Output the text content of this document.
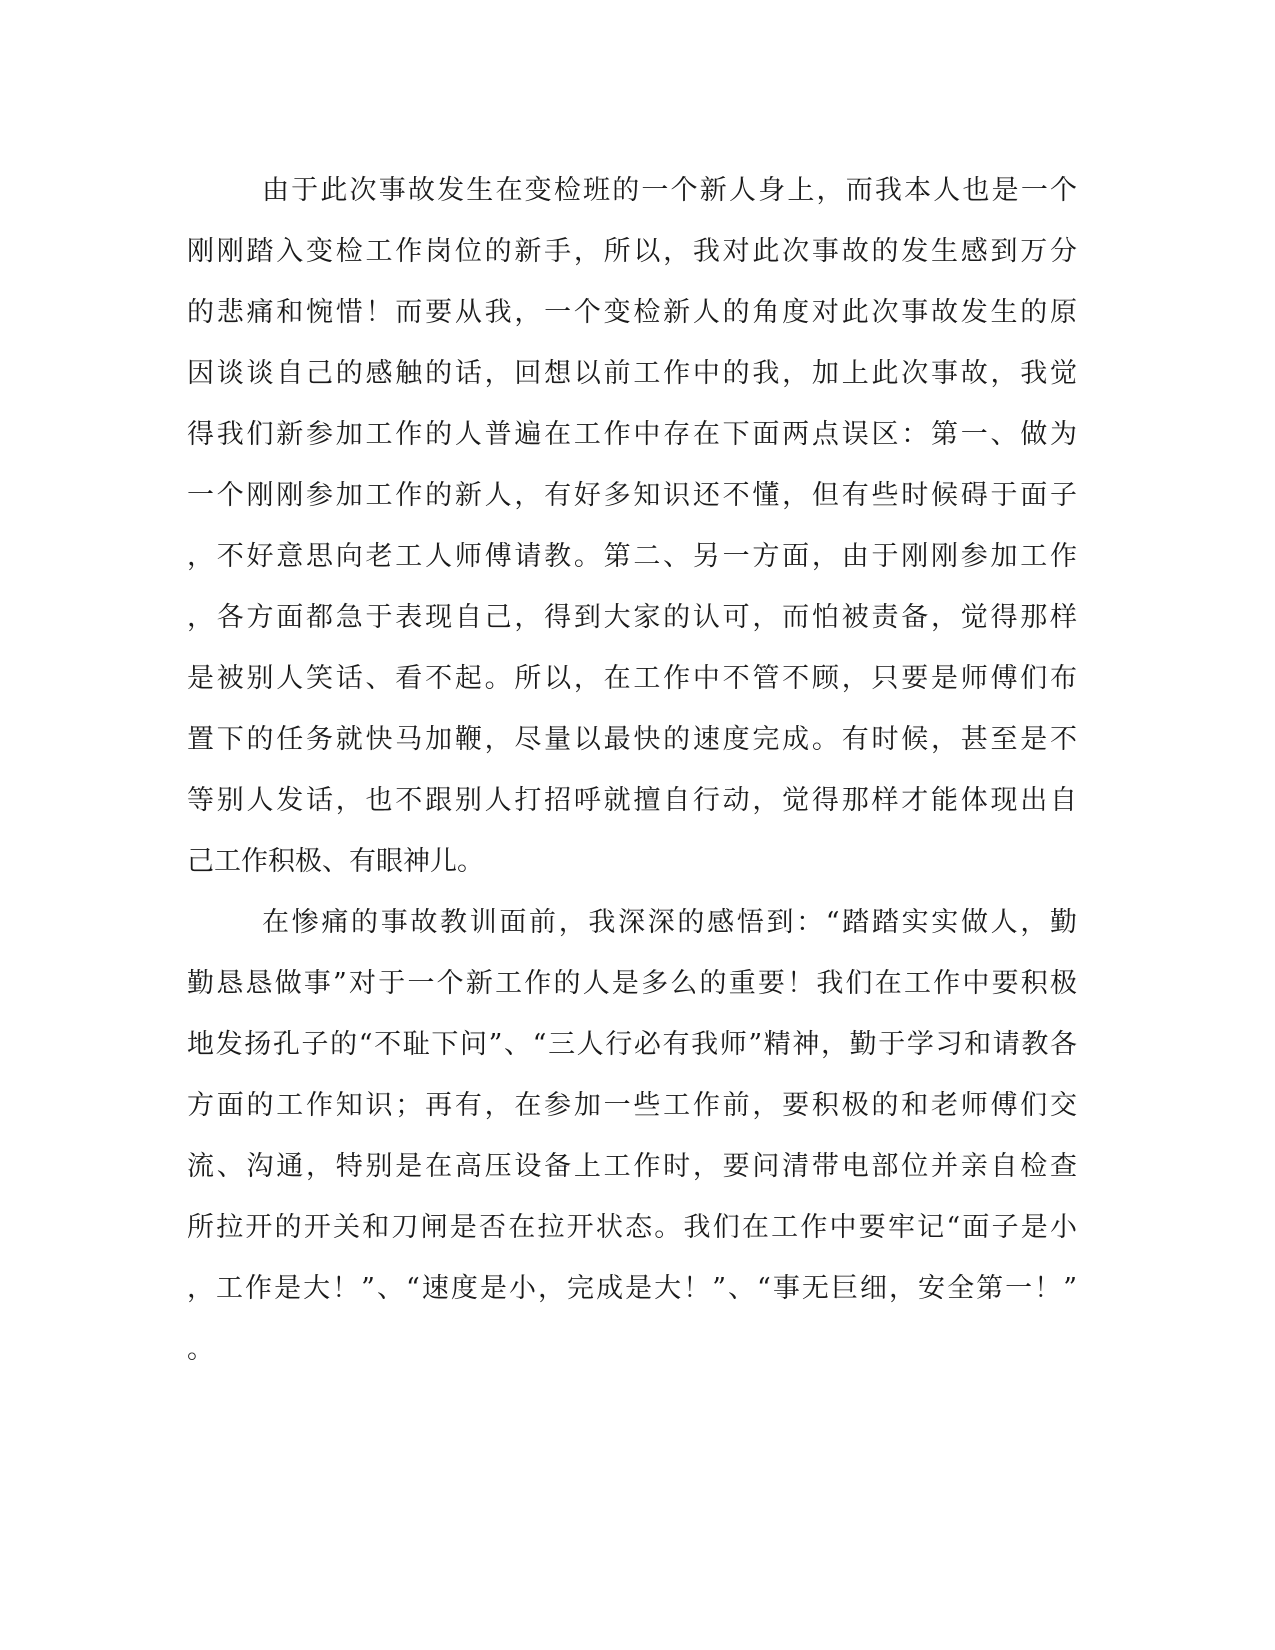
由于此次事故发生在变检班的一个新人身上，而我本人也是一个
刚刚踏入变检工作岗位的新手，所以，我对此次事故的发生感到万分
的悲痛和惋惜！而要从我，一个变检新人的角度对此次事故发生的原
因谈谈自己的感触的话，回想以前工作中的我，加上此次事故，我觉
得我们新参加工作的人普遍在工作中存在下面两点误区：第一、做为
一个刚刚参加工作的新人，有好多知识还不懂，但有些时候碍于面子
，不好意思向老工人师傅请教。第二、另一方面，由于刚刚参加工作
，各方面都急于表现自己，得到大家的认可，而怕被责备，觉得那样
是被别人笑话、看不起。所以，在工作中不管不顾，只要是师傅们布
置下的任务就快马加鞭，尽量以最快的速度完成。有时候，甚至是不
等别人发话，也不跟别人打招呼就擅自行动，觉得那样才能体现出自
己工作积极、有眼神儿。
在惨痛的事故教训面前，我深深的感悟到：“踏踏实实做人，勤
勤恳恳做事”对于一个新工作的人是多么的重要！我们在工作中要积极
地发扬孔子的“不耻下问”、“三人行必有我师”精神，勤于学习和请教各
方面的工作知识；再有，在参加一些工作前，要积极的和老师傅们交
流、沟通，特别是在高压设备上工作时，要问清带电部位并亲自检查
所拉开的开关和刀闸是否在拉开状态。我们在工作中要牢记“面子是小
，工作是大！”、“速度是小，完成是大！”、“事无巨细，安全第一！”
。
